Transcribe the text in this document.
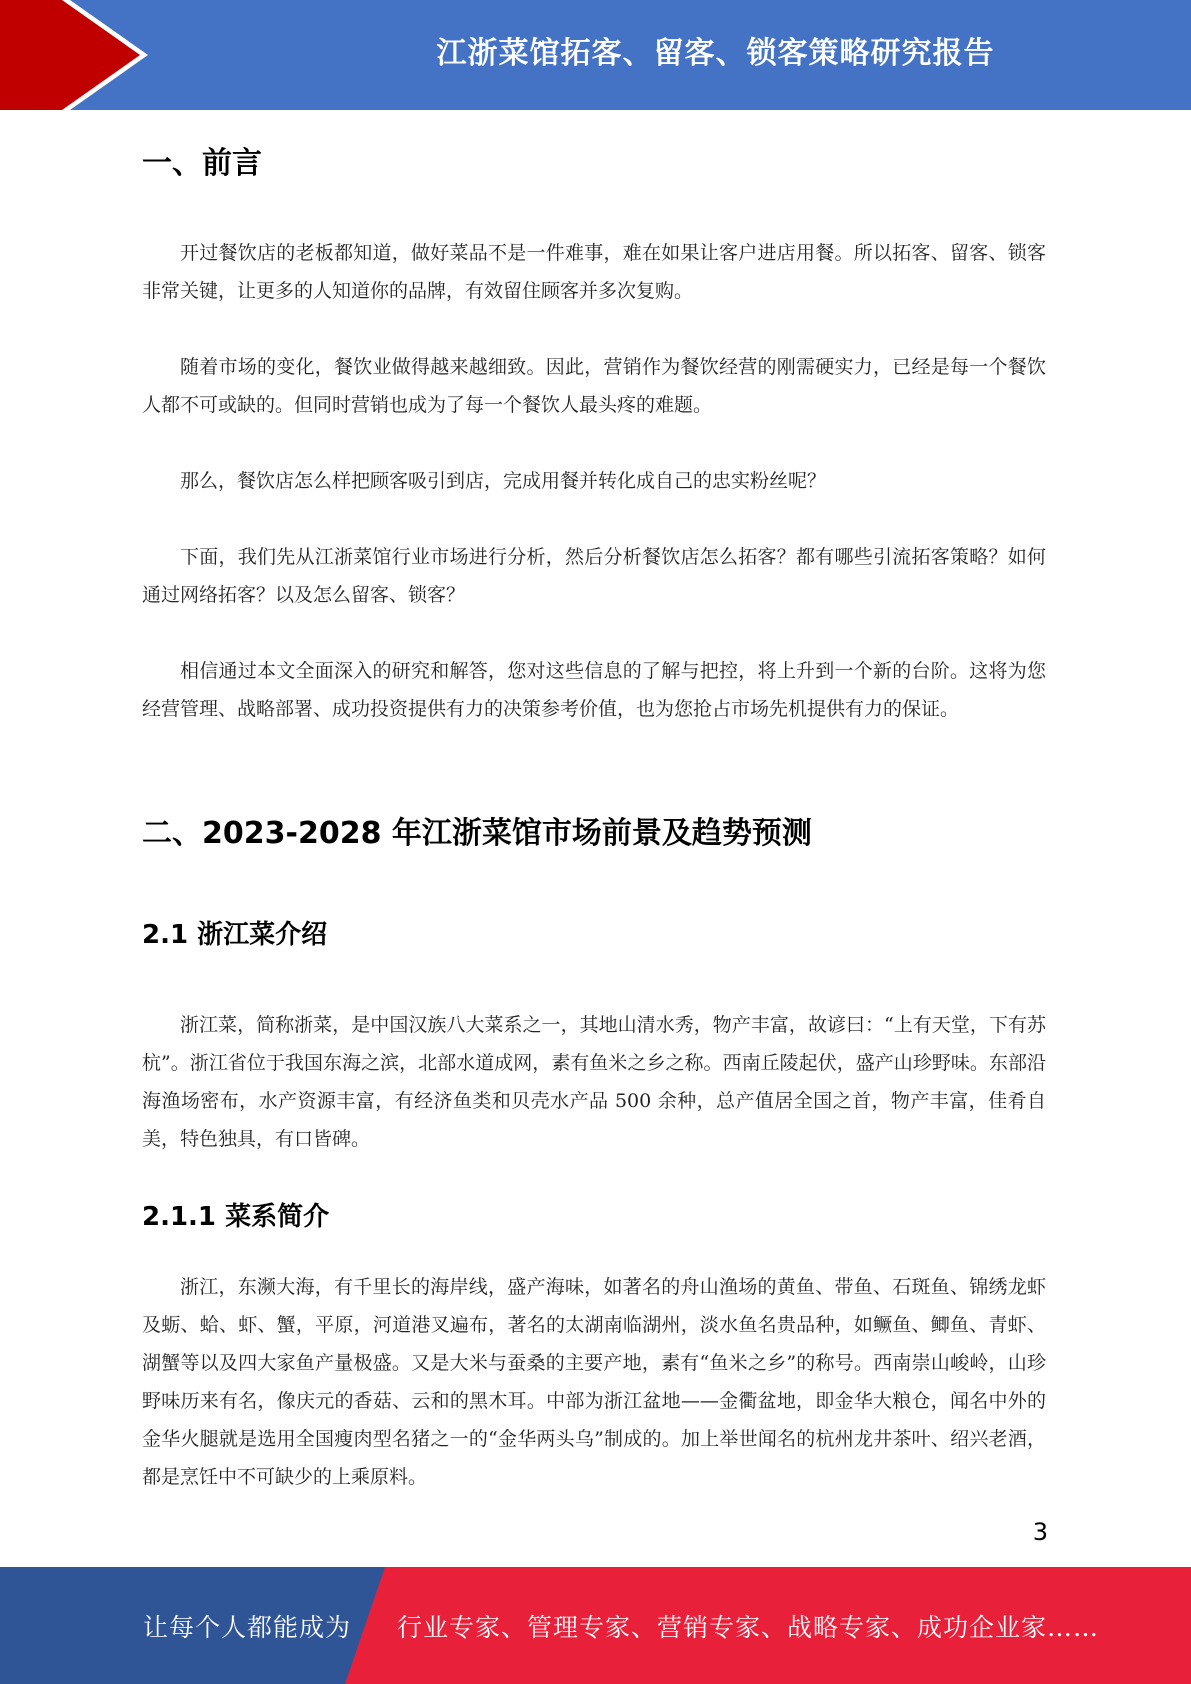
江浙菜馆拓客、留客、锁客策略研究报告
一、前言

开过餐饮店的老板都知道，做好菜品不是一件难事，难在如果让客户进店用餐。所以拓客、留客、锁客非常关键，让更多的人知道你的品牌，有效留住顾客并多次复购。

随着市场的变化，餐饮业做得越来越细致。因此，营销作为餐饮经营的刚需硬实力，已经是每一个餐饮人都不可或缺的。但同时营销也成为了每一个餐饮人最头疼的难题。

那么，餐饮店怎么样把顾客吸引到店，完成用餐并转化成自己的忠实粉丝呢？

下面，我们先从江浙菜馆行业市场进行分析，然后分析餐饮店怎么拓客？都有哪些引流拓客策略？如何通过网络拓客？以及怎么留客、锁客？

相信通过本文全面深入的研究和解答，您对这些信息的了解与把控，将上升到一个新的台阶。这将为您经营管理、战略部署、成功投资提供有力的决策参考价值，也为您抢占市场先机提供有力的保证。

二、2023-2028 年江浙菜馆市场前景及趋势预测
2.1 浙江菜介绍

浙江菜，简称浙菜，是中国汉族八大菜系之一，其地山清水秀，物产丰富，故谚曰：“上有天堂，下有苏杭”。浙江省位于我国东海之滨，北部水道成网，素有鱼米之乡之称。西南丘陵起伏，盛产山珍野味。东部沿海渔场密布，水产资源丰富，有经济鱼类和贝壳水产品 500 余种，总产值居全国之首，物产丰富，佳肴自美，特色独具，有口皆碑。

2.1.1 菜系简介

浙江，东濒大海，有千里长的海岸线，盛产海味，如著名的舟山渔场的黄鱼、带鱼、石斑鱼、锦绣龙虾及蛎、蛤、虾、蟹，平原，河道港叉遍布，著名的太湖南临湖州，淡水鱼名贵品种，如鳜鱼、鲫鱼、青虾、湖蟹等以及四大家鱼产量极盛。又是大米与蚕桑的主要产地，素有“鱼米之乡”的称号。西南崇山峻岭，山珍野味历来有名，像庆元的香菇、云和的黑木耳。中部为浙江盆地——金衢盆地，即金华大粮仓，闻名中外的金华火腿就是选用全国瘦肉型名猪之一的“金华两头乌”制成的。加上举世闻名的杭州龙井茶叶、绍兴老酒，都是烹饪中不可缺少的上乘原料。

3
让每个人都能成为 行业专家、管理专家、营销专家、战略专家、成功企业家……
